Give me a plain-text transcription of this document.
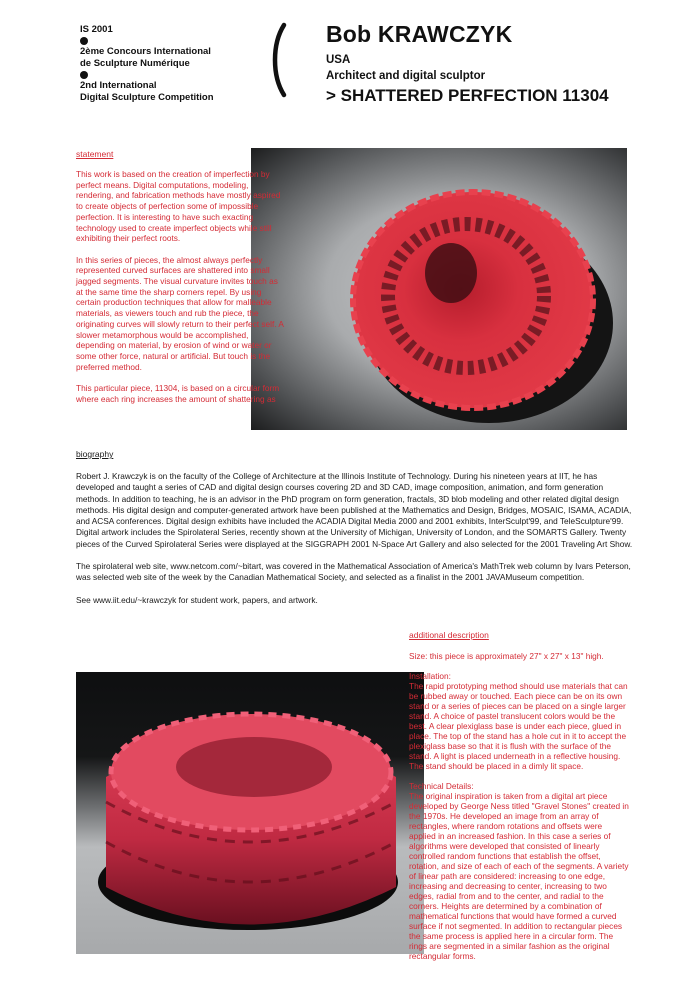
IS 2001
2ème Concours International
de Sculpture Numérique
2nd International
Digital Sculpture Competition
Bob KRAWCZYK
USA
Architect and digital sculptor
> SHATTERED PERFECTION 11304
statement

This work is based on the creation of imperfection by perfect means. Digital computations, modeling, rendering, and fabrication methods have mostly aspired to create objects of perfection some of impossible perfection. It is interesting to have such exacting technology used to create imperfect objects while still exhibiting their perfect roots.

In this series of pieces, the almost always perfectly represented curved surfaces are shattered into small jagged segments. The visual curvature invites touch as at the same time the sharp corners repel. By using certain production techniques that allow for malleable materials, as viewers touch and rub the piece, the originating curves will slowly return to their perfect self. A slower metamorphous would be accomplished, depending on material, by erosion of wind or water or some other force, natural or artificial. But touch is the preferred method.

This particular piece, 11304, is based on a circular form where each ring increases the amount of shattering as

biography

Robert J. Krawczyk is on the faculty of the College of Architecture at the Illinois Institute of Technology. During his nineteen years at IIT, he has developed and taught a series of CAD and digital design courses covering 2D and 3D CAD, image composition, animation, and form generation methods. In addition to teaching, he is an advisor in the PhD program on form generation, fractals, 3D blob modeling and other related digital design methods. His digital design and computer-generated artwork have been published at the Mathematics and Design, Bridges, MOSAIC, ISAMA, ACADIA, and ACSA conferences. Digital design exhibits have included the ACADIA Digital Media 2000 and 2001 exhibits, InterSculpt'99, and TeleSculpture'99. Digital artwork includes the Spirolateral Series, recently shown at the University of Michigan, University of London, and the SOMARTS Gallery. Twenty pieces of the Curved Spirolateral Series were displayed at the SIGGRAPH 2001 N-Space Art Gallery and also selected for the 2001 Traveling Art Show.

The spirolateral web site, www.netcom.com/~bitart, was covered in the Mathematical Association of America's MathTrek web column by Ivars Peterson, was selected web site of the week by the Canadian Mathematical Society, and selected as a finalist in the 2001 JAVAMuseum competition.

See www.iit.edu/~krawczyk for student work, papers, and artwork.

additional description

Size: this piece is approximately 27" x 27" x 13" high.

Installation:

The rapid prototyping method should use materials that can be rubbed away or touched. Each piece can be on its own stand or a series of pieces can be placed on a single larger stand. A choice of pastel translucent colors would be the best. A clear plexiglass base is under each piece, glued in place. The top of the stand has a hole cut in it to accept the plexiglass base so that it is flush with the surface of the stand. A light is placed underneath in a reflective housing. The stand should be placed in a dimly lit space.

Technical Details:

The original inspiration is taken from a digital art piece developed by George Ness titled "Gravel Stones" created in the 1970s. He developed an image from an array of rectangles, where random rotations and offsets were applied in an increased fashion. In this case a series of algorithms were developed that consisted of linearly controlled random functions that establish the offset, rotation, and size of each of each of the segments. A variety of linear path are considered: increasing to one edge, increasing and decreasing to center, increasing to two edges, radial from and to the center, and radial to the corners. Heights are determined by a combination of mathematical functions that would have formed a curved surface if not segmented. In addition to rectangular pieces the same process is applied here in a circular form. The rings are segmented in a similar fashion as the original rectangular forms.
